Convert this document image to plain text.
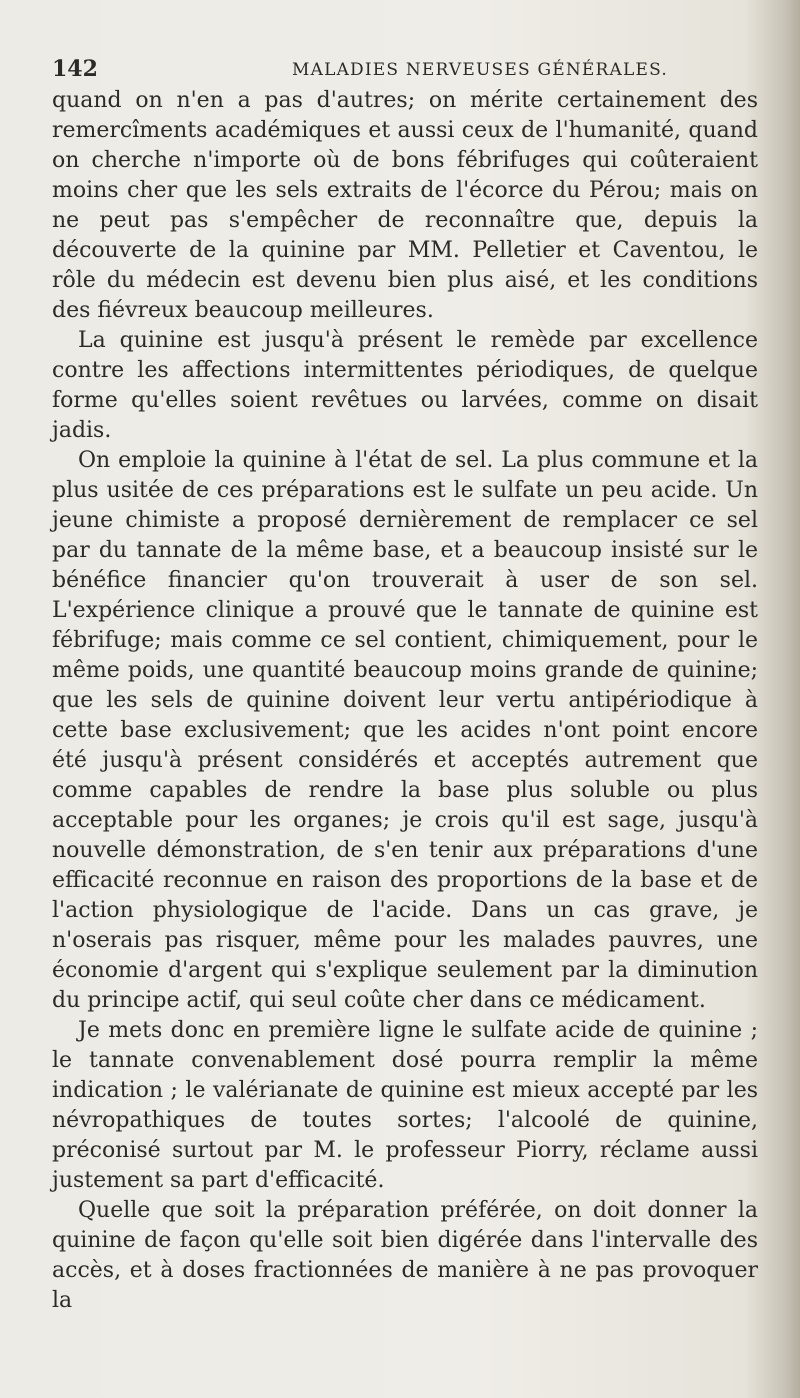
142	MALADIES NERVEUSES GÉNÉRALES.

quand on n'en a pas d'autres; on mérite certainement des remercîments académiques et aussi ceux de l'humanité, quand on cherche n'importe où de bons fébrifuges qui coûteraient moins cher que les sels extraits de l'écorce du Pérou; mais on ne peut pas s'empêcher de reconnaître que, depuis la découverte de la quinine par MM. Pelletier et Caventou, le rôle du médecin est devenu bien plus aisé, et les conditions des fiévreux beaucoup meilleures.

La quinine est jusqu'à présent le remède par excellence contre les affections intermittentes périodiques, de quelque forme qu'elles soient revêtues ou larvées, comme on disait jadis.

On emploie la quinine à l'état de sel. La plus commune et la plus usitée de ces préparations est le sulfate un peu acide. Un jeune chimiste a proposé dernièrement de remplacer ce sel par du tannate de la même base, et a beaucoup insisté sur le bénéfice financier qu'on trouverait à user de son sel. L'expérience clinique a prouvé que le tannate de quinine est fébrifuge; mais comme ce sel contient, chimiquement, pour le même poids, une quantité beaucoup moins grande de quinine; que les sels de quinine doivent leur vertu antipériodique à cette base exclusivement; que les acides n'ont point encore été jusqu'à présent considérés et acceptés autrement que comme capables de rendre la base plus soluble ou plus acceptable pour les organes; je crois qu'il est sage, jusqu'à nouvelle démonstration, de s'en tenir aux préparations d'une efficacité reconnue en raison des proportions de la base et de l'action physiologique de l'acide. Dans un cas grave, je n'oserais pas risquer, même pour les malades pauvres, une économie d'argent qui s'explique seulement par la diminution du principe actif, qui seul coûte cher dans ce médicament.

Je mets donc en première ligne le sulfate acide de quinine ; le tannate convenablement dosé pourra remplir la même indication ; le valérianate de quinine est mieux accepté par les névropathiques de toutes sortes; l'alcoolé de quinine, préconisé surtout par M. le professeur Piorry, réclame aussi justement sa part d'efficacité.

Quelle que soit la préparation préférée, on doit donner la quinine de façon qu'elle soit bien digérée dans l'intervalle des accès, et à doses fractionnées de manière à ne pas provoquer la
